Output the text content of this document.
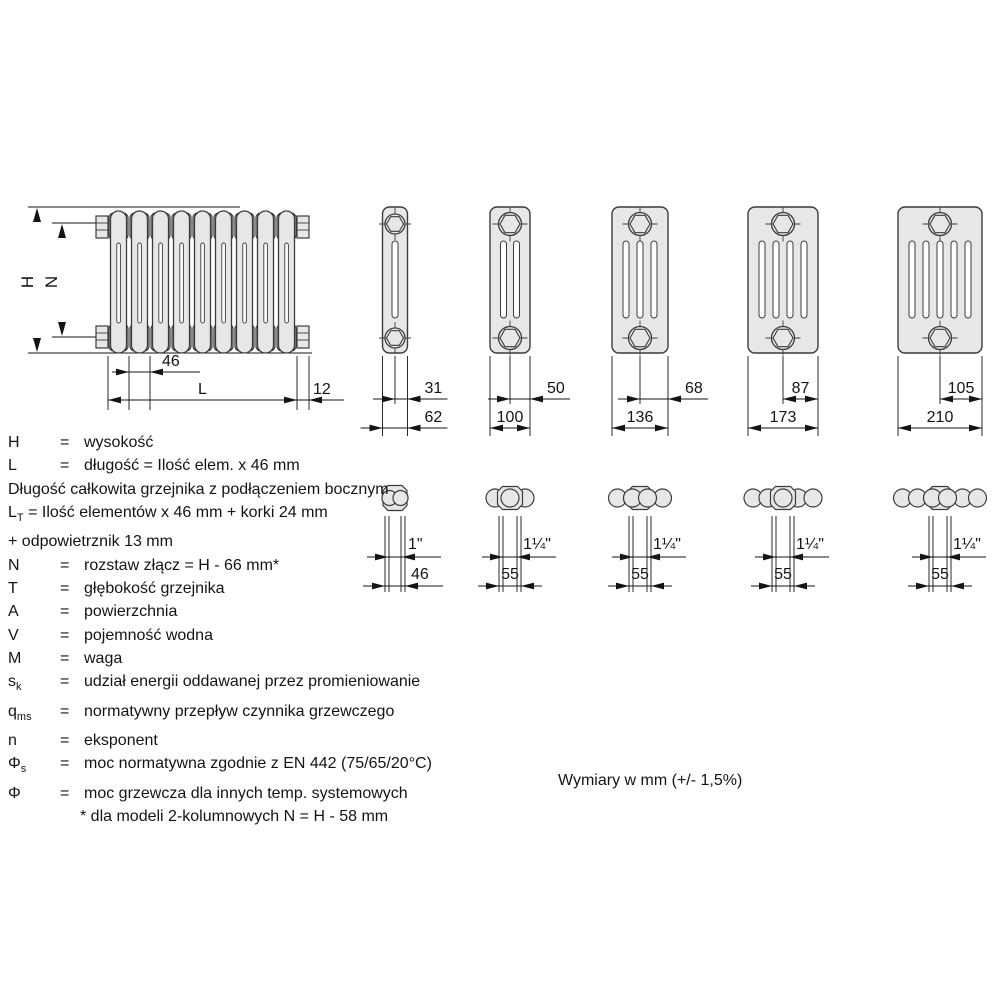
H N
46
L	12	31
62
1"
46
50
100
1¼"
55
68
136
1¼"
55
87
173
1¼"
55
105
210
1¼"
55
H	= wysokość
L	= długość = Ilość elem. x 46 mm
Długość całkowita grzejnika z podłączeniem bocznym
$L_T$ = Ilość elementów x 46 mm + korki 24 mm
+ odpowietrznik 13 mm
N	= rozstaw złącz = H - 66 mm*
T	= głębokość grzejnika
A	= powierzchnia
V	= pojemność wodna
M = waga
$s_k$ = udział energii oddawanej przez promieniowanie
$q_{ms}$ = normatywny przepływ czynnika grzewczego
n	= eksponent
$\Phi_s$ = moc normatywna zgodnie z EN 442 (75/65/20°C)
Φ = moc grzewcza dla innych temp. systemowych
* dla modeli 2-kolumnowych N = H - 58 mm
Wymiary w mm (+/- 1,5%)
